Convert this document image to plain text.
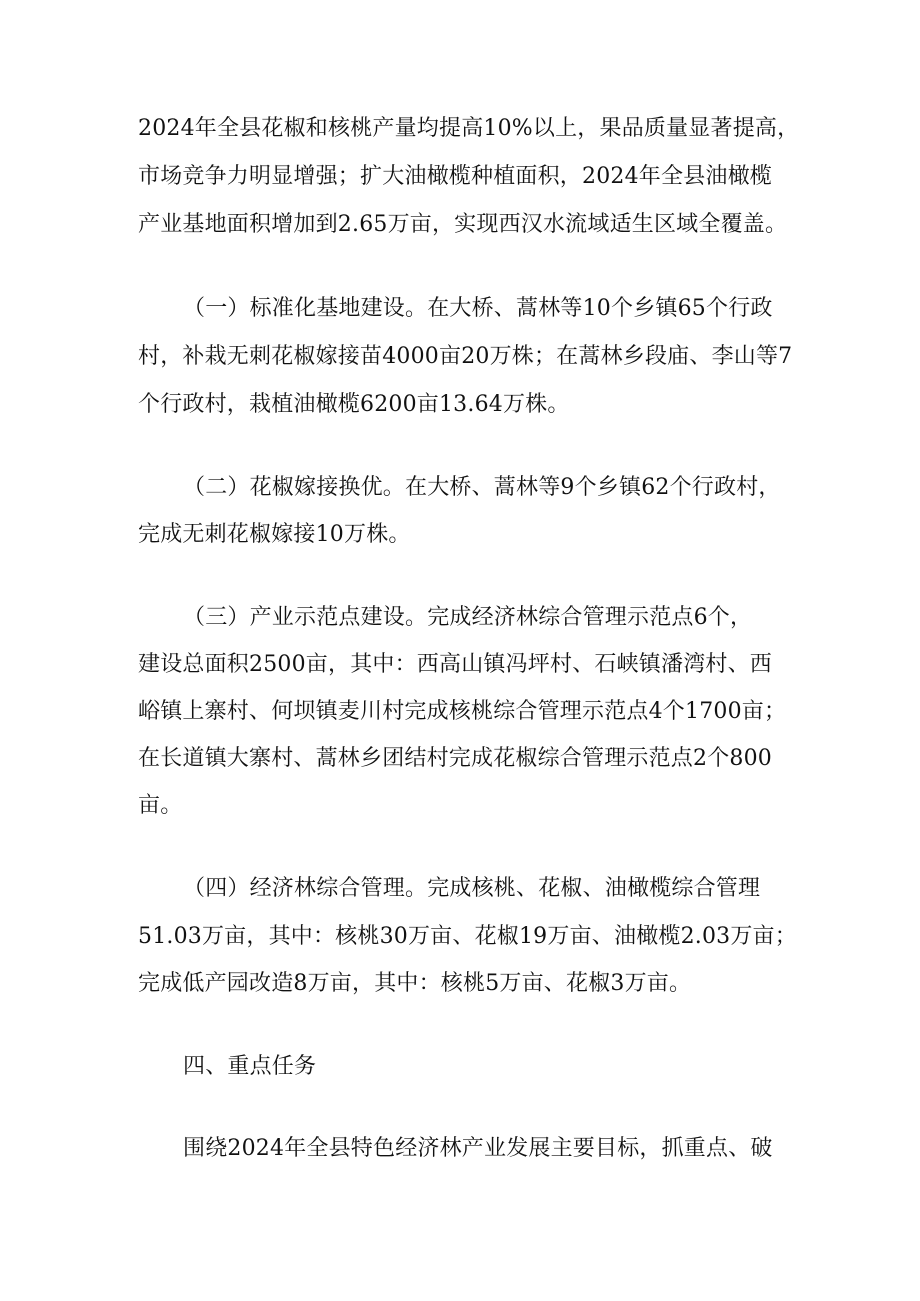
2024年全县花椒和核桃产量均提高10%以上，果品质量显著提高，
市场竞争力明显增强；扩大油橄榄种植面积，2024年全县油橄榄
产业基地面积增加到2.65万亩，实现西汉水流域适生区域全覆盖。
（一）标准化基地建设。在大桥、蒿林等10个乡镇65个行政
村，补栽无刺花椒嫁接苗4000亩20万株；在蒿林乡段庙、李山等7
个行政村，栽植油橄榄6200亩13.64万株。
（二）花椒嫁接换优。在大桥、蒿林等9个乡镇62个行政村，
完成无刺花椒嫁接10万株。
（三）产业示范点建设。完成经济林综合管理示范点6个，
建设总面积2500亩，其中：西高山镇冯坪村、石峡镇潘湾村、西
峪镇上寨村、何坝镇麦川村完成核桃综合管理示范点4个1700亩；
在长道镇大寨村、蒿林乡团结村完成花椒综合管理示范点2个800
亩。
（四）经济林综合管理。完成核桃、花椒、油橄榄综合管理
51.03万亩，其中：核桃30万亩、花椒19万亩、油橄榄2.03万亩；
完成低产园改造8万亩，其中：核桃5万亩、花椒3万亩。
四、重点任务
围绕2024年全县特色经济林产业发展主要目标，抓重点、破
